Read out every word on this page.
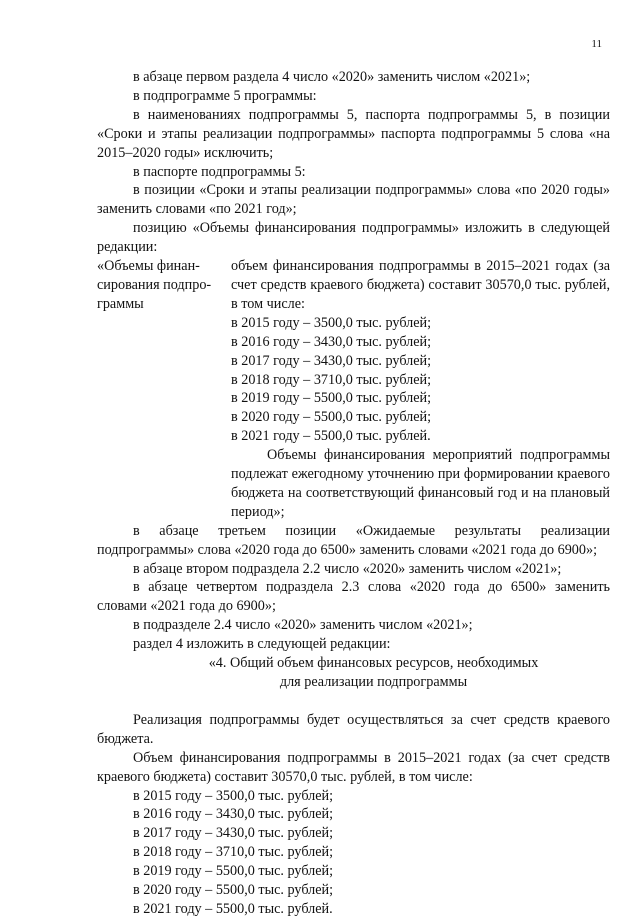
11

в абзаце первом раздела 4 число «2020» заменить числом «2021»;

в подпрограмме 5 программы:

в наименованиях подпрограммы 5, паспорта подпрограммы 5, в позиции «Сроки и этапы реализации подпрограммы» паспорта подпрограммы 5 слова «на 2015–2020 годы» исключить;

в паспорте подпрограммы 5:

в позиции «Сроки и этапы реализации подпрограммы» слова «по 2020 годы» заменить словами «по 2021 год»;

позицию «Объемы финансирования подпрограммы» изложить в следующей редакции:

«Объемы финан-

сирования подпро-

граммы

объем финансирования подпрограммы в 2015–2021 годах (за счет средств краевого бюджета) составит 30570,0 тыс. рублей, в том числе:

в 2015 году – 3500,0 тыс. рублей;

в 2016 году – 3430,0 тыс. рублей;

в 2017 году – 3430,0 тыс. рублей;

в 2018 году – 3710,0 тыс. рублей;

в 2019 году – 5500,0 тыс. рублей;

в 2020 году – 5500,0 тыс. рублей;

в 2021 году – 5500,0 тыс. рублей.

Объемы финансирования мероприятий подпрограммы подлежат ежегодному уточнению при формировании краевого бюджета на соответствующий финансовый год и на плановый период»;

в абзаце третьем позиции «Ожидаемые результаты реализации подпрограммы» слова «2020 года до 6500» заменить словами «2021 года до 6900»;

в абзаце втором подраздела 2.2 число «2020» заменить числом «2021»;

в абзаце четвертом подраздела 2.3 слова «2020 года до 6500» заменить словами «2021 года до 6900»;

в подразделе 2.4 число «2020» заменить числом «2021»;

раздел 4 изложить в следующей редакции:

«4. Общий объем финансовых ресурсов, необходимых

для реализации подпрограммы

Реализация подпрограммы будет осуществляться за счет средств краевого бюджета.

Объем финансирования подпрограммы в 2015–2021 годах (за счет средств краевого бюджета) составит 30570,0 тыс. рублей, в том числе:

в 2015 году – 3500,0 тыс. рублей;

в 2016 году – 3430,0 тыс. рублей;

в 2017 году – 3430,0 тыс. рублей;

в 2018 году – 3710,0 тыс. рублей;

в 2019 году – 5500,0 тыс. рублей;

в 2020 году – 5500,0 тыс. рублей;

в 2021 году – 5500,0 тыс. рублей.
